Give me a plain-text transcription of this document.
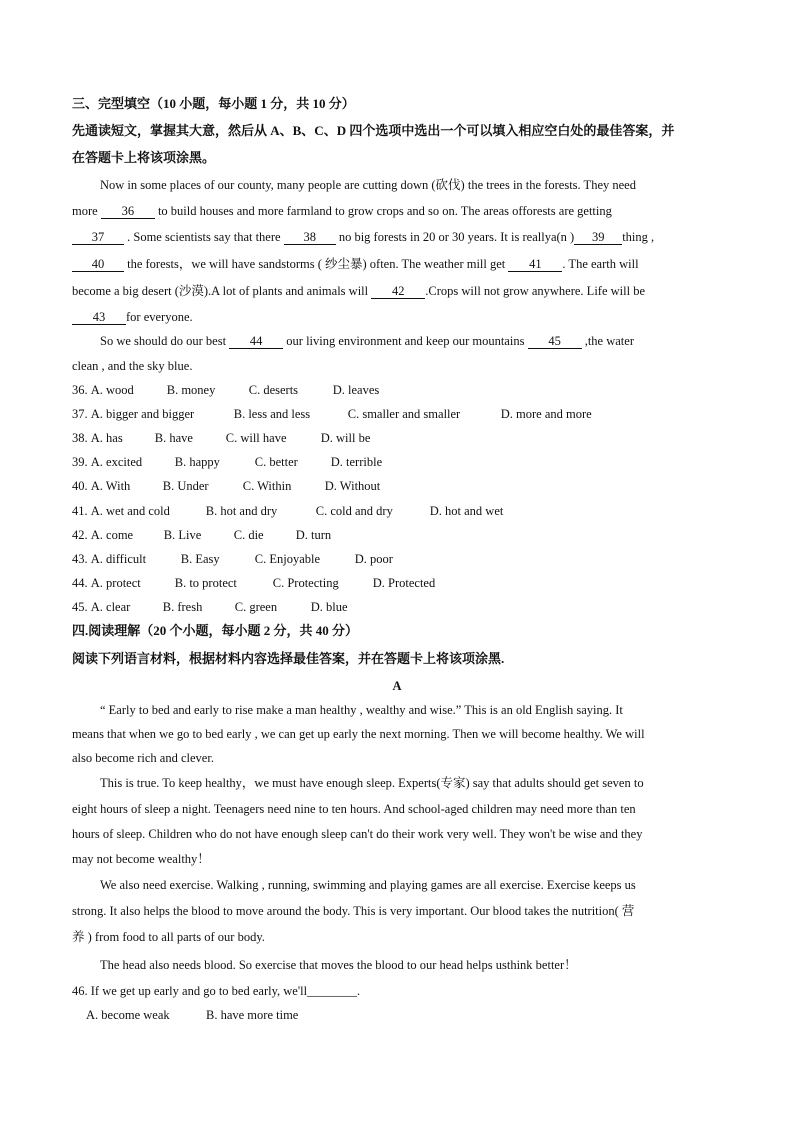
三、完型填空（10 小题，每小题 1 分，共 10 分）
先通读短文，掌握其大意，然后从 A、B、C、D 四个选项中选出一个可以填入相应空白处的最佳答案，并
在答题卡上将该项涂黑。
Now in some places of our county, many people are cutting down (砍伐) the trees in the forests. They need
more 36 to build houses and more farmland to grow crops and so on. The areas offorests are getting
37 . Some scientists say that there 38 no big forests in 20 or 30 years. It is reallya(n ) 39 thing ,
40 the forests，we will have sandstorms ( 纱尘暴) often. The weather mill get 41 . The earth will
become a big desert (沙漠).A lot of plants and animals will 42 .Crops will not grow anywhere. Life will be
43 for everyone.
So we should do our best 44 our living environment and keep our mountains 45 ,the water
clean , and the sky blue.
36. A. wood	B. money	C. deserts	D. leaves
37. A. bigger and bigger	B. less and less	C. smaller and smaller	D. more and more
38. A. has	B. have	C. will have	D. will be
39. A. excited	B. happy	C. better	D. terrible
40. A. With	B. Under	C. Within	D. Without
41. A. wet and cold	B. hot and dry	C. cold and dry	D. hot and wet
42. A. come B. Live	C. die	D. turn
43. A. difficult	B. Easy	C. Enjoyable	D. poor
44. A. protect	B. to protect	C. Protecting	D. Protected
45. A. clear	B. fresh	C. green	D. blue
四.阅读理解（20 个小题，每小题 2 分，共 40 分）
阅读下列语言材料，根据材料内容选择最佳答案，并在答题卡上将该项涂黑.
A
“ Early to bed and early to rise make a man healthy , wealthy and wise.” This is an old English saying. It
means that when we go to bed early , we can get up early the next morning. Then we will become healthy. We will
also become rich and clever.
This is true. To keep healthy，we must have enough sleep. Experts(专家) say that adults should get seven to
eight hours of sleep a night. Teenagers need nine to ten hours. And school-aged children may need more than ten
hours of sleep. Children who do not have enough sleep can't do their work very well. They won't be wise and they
may not become wealthy！
We also need exercise. Walking , running, swimming and playing games are all exercise. Exercise keeps us
strong. It also helps the blood to move around the body. This is very important. Our blood takes the nutrition( 营
养 ) from food to all parts of our body.
The head also needs blood. So exercise that moves the blood to our head helps usthink better！
46. If we get up early and go to bed early, we'll________.
A. become weak	B. have more time
